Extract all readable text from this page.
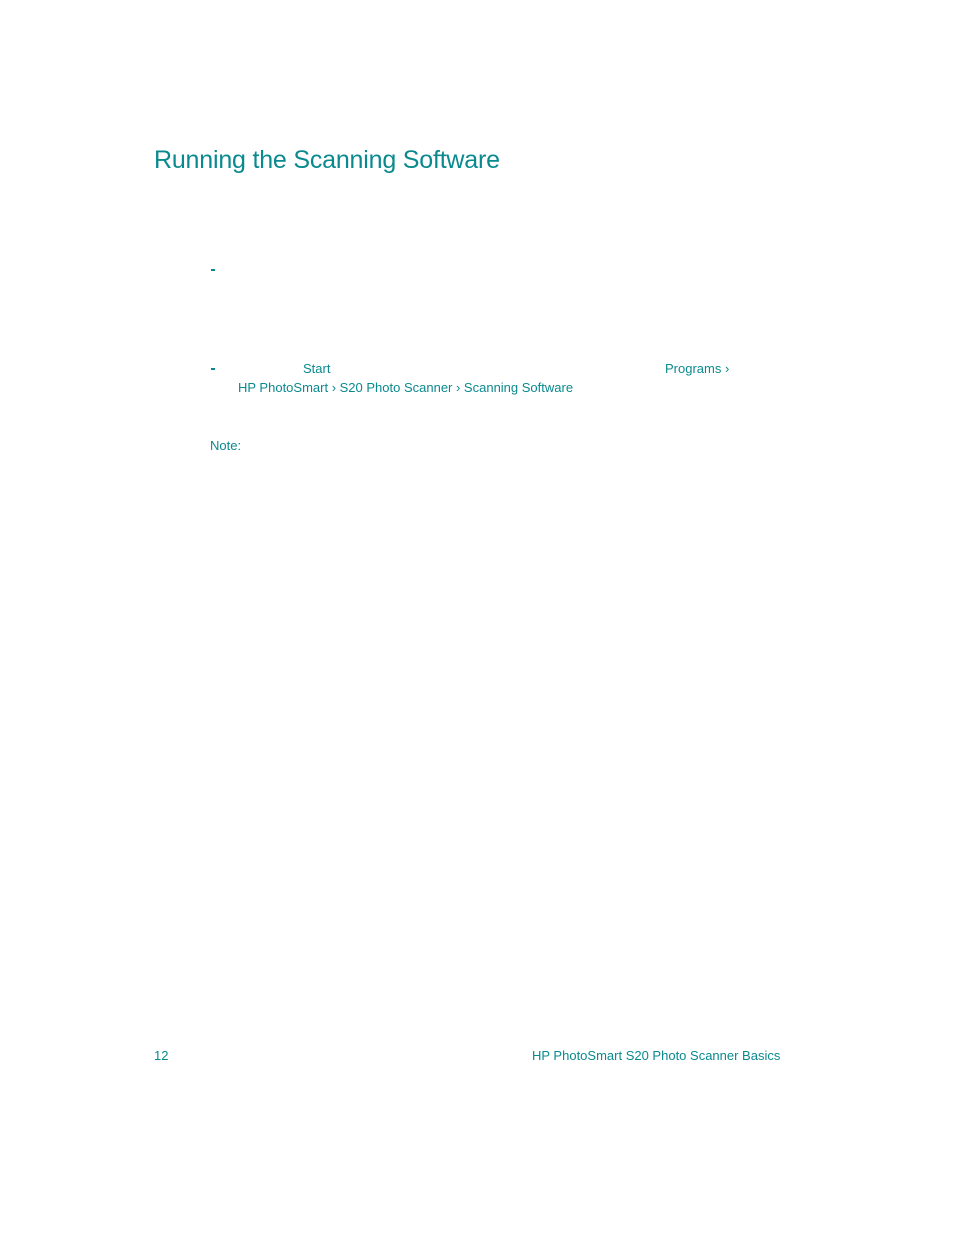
Running the Scanning Software
Start	Programs ›
HP PhotoSmart › S20 Photo Scanner › Scanning Software
Note:
12	HP PhotoSmart S20 Photo Scanner Basics
